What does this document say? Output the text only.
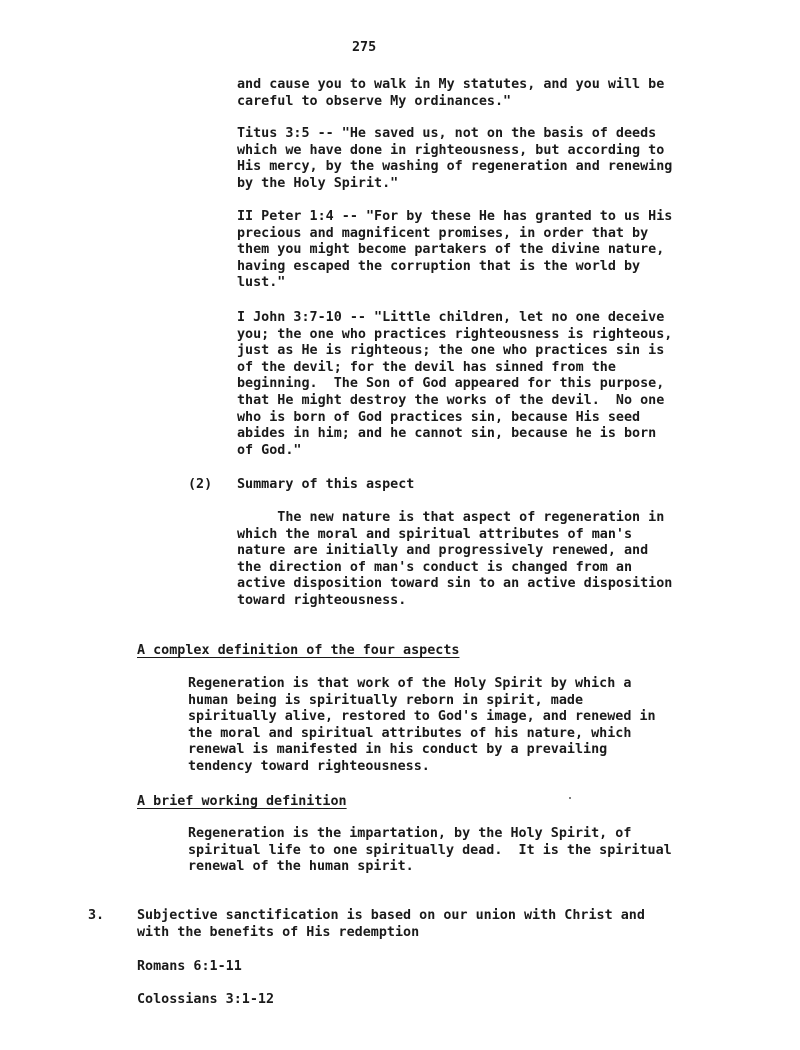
275

and cause you to walk in My statutes, and you will be
careful to observe My ordinances."

Titus 3:5 -- "He saved us, not on the basis of deeds
which we have done in righteousness, but according to
His mercy, by the washing of regeneration and renewing
by the Holy Spirit."

II Peter 1:4 -- "For by these He has granted to us His
precious and magnificent promises, in order that by
them you might become partakers of the divine nature,
having escaped the corruption that is the world by
lust."

I John 3:7-10 -- "Little children, let no one deceive
you; the one who practices righteousness is righteous,
just as He is righteous; the one who practices sin is
of the devil; for the devil has sinned from the
beginning.  The Son of God appeared for this purpose,
that He might destroy the works of the devil.  No one
who is born of God practices sin, because His seed
abides in him; and he cannot sin, because he is born
of God."

(2) Summary of this aspect

The new nature is that aspect of regeneration in
which the moral and spiritual attributes of man's
nature are initially and progressively renewed, and
the direction of man's conduct is changed from an
active disposition toward sin to an active disposition
toward righteousness.

A complex definition of the four aspects

Regeneration is that work of the Holy Spirit by which a
human being is spiritually reborn in spirit, made
spiritually alive, restored to God's image, and renewed in
the moral and spiritual attributes of his nature, which
renewal is manifested in his conduct by a prevailing
tendency toward righteousness.

A brief working definition

Regeneration is the impartation, by the Holy Spirit, of
spiritual life to one spiritually dead.  It is the spiritual
renewal of the human spirit.

3. Subjective sanctification is based on our union with Christ and
with the benefits of His redemption

Romans 6:1-11
Colossians 3:1-12
